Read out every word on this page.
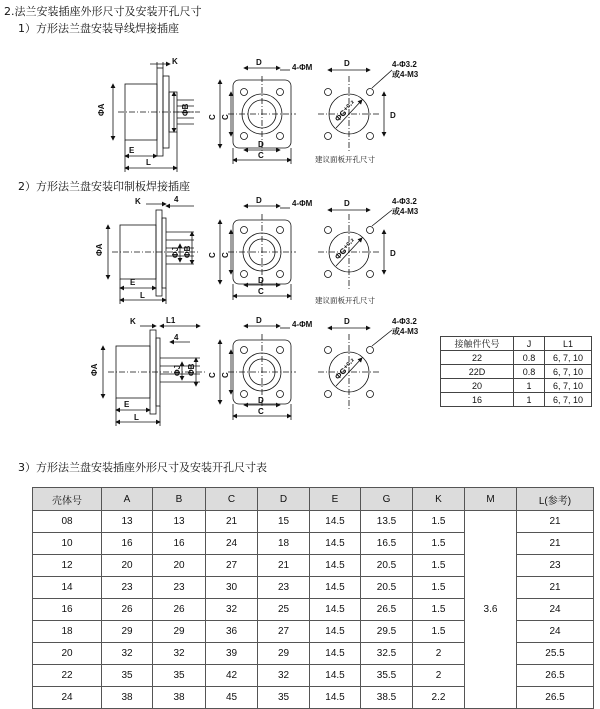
2.法兰安装插座外形尺寸及安装开孔尺寸
1）方形法兰盘安装导线焊接插座
2）方形法兰盘安装印制板焊接插座
3）方形法兰盘安装插座外形尺寸及安装开孔尺寸表
K
ΦA	ΦB
E
L
4-ΦM
D
C C
D
C
D
D
4-Φ3.2
或4-M3
ΦG⁺⁰·²
建议面板开孔尺寸
K	4
ΦA	ΦJ ΦB
E
L
4-ΦM
D
C C
D
C
D
D
4-Φ3.2
或4-M3
ΦG⁺⁰·²
建议面板开孔尺寸
K	L1
4
ΦA	ΦJ ΦB
E
L
4-ΦM
D
C C
D
C
D	4-Φ3.2
或4-M3
ΦG⁺⁰·²
接触件代号	J	L1
22	0.8	6, 7, 10
22D	0.8	6, 7, 10
20	1	6, 7, 10
16	1	6, 7, 10
壳体号	A	B	C	D	E	G	K	M	L(参考)
08	13	13	21	15	14.5	13.5	1.5	3.6	21
10	16	16	24	18	14.5	16.5	1.5		21
12	20	20	27	21	14.5	20.5	1.5		23
14	23	23	30	23	14.5	20.5	1.5		21
16	26	26	32	25	14.5	26.5	1.5		24
18	29	29	36	27	14.5	29.5	1.5		24
20	32	32	39	29	14.5	32.5	2		25.5
22	35	35	42	32	14.5	35.5	2		26.5
24	38	38	45	35	14.5	38.5	2.2		26.5
